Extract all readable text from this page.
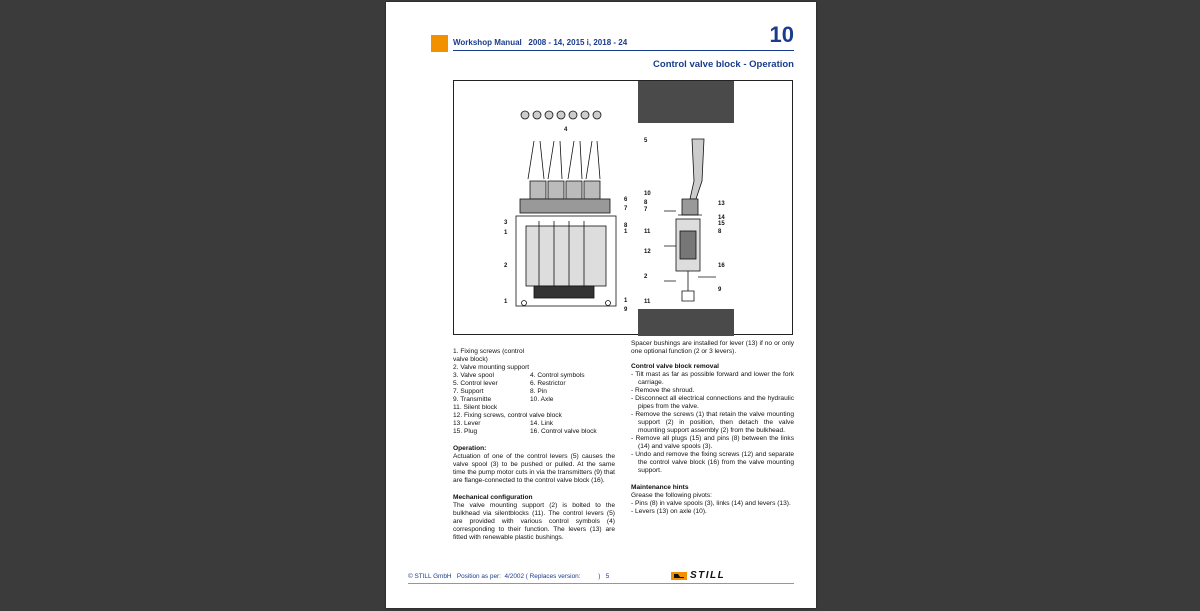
Workshop Manual   2008 - 14, 2015 i, 2018 - 24	10
Control valve block - Operation
4
3
1
2
1
6
7
8
1
1
9
5
10
8
7
11
12
2
11
13
14
15
8
16
9
1. Fixing screws (control valve block)
2. Valve mounting support
3. Valve spool	4. Control symbols
5. Control lever	6. Restrictor
7. Support	8. Pin
9. Transmitte	10. Axle
11. Silent block
12. Fixing screws, control valve block
13. Lever	14. Link
15. Plug	16. Control valve block
Operation:
Actuation of one of the control levers (5) causes the valve spool (3) to be pushed or pulled. At the same time the pump motor cuts in via the transmitters (9) that are flange-connected to the control valve block (16).
Mechanical configuration
The valve mounting support (2) is bolted to the bulkhead via silentblocks (11). The control levers (5) are provided with various control symbols (4) corresponding to their function. The levers (13) are fitted with renewable plastic bushings.
Spacer bushings are installed for lever (13) if no or only one optional function (2 or 3 levers).
Control valve block removal
- Tilt mast as far as possible forward and lower the fork carriage.
- Remove the shroud.
- Disconnect all electrical connections and the hydraulic pipes from the valve.
- Remove the screws (1) that retain the valve mounting support (2) in position, then detach the valve mounting support assembly (2) from the bulkhead.
- Remove all plugs (15) and pins (8) between the links (14) and valve spools (3).
- Undo and remove the fixing screws (12) and separate the control valve block (16) from the valve mounting support.
Maintenance hints
Grease the following pivots:
- Pins (8) in valve spools (3), links (14) and levers (13).
- Levers (13) on axle (10).
© STILL GmbH   Position as per:  4/2002 ( Replaces version:          )   5	STILL
